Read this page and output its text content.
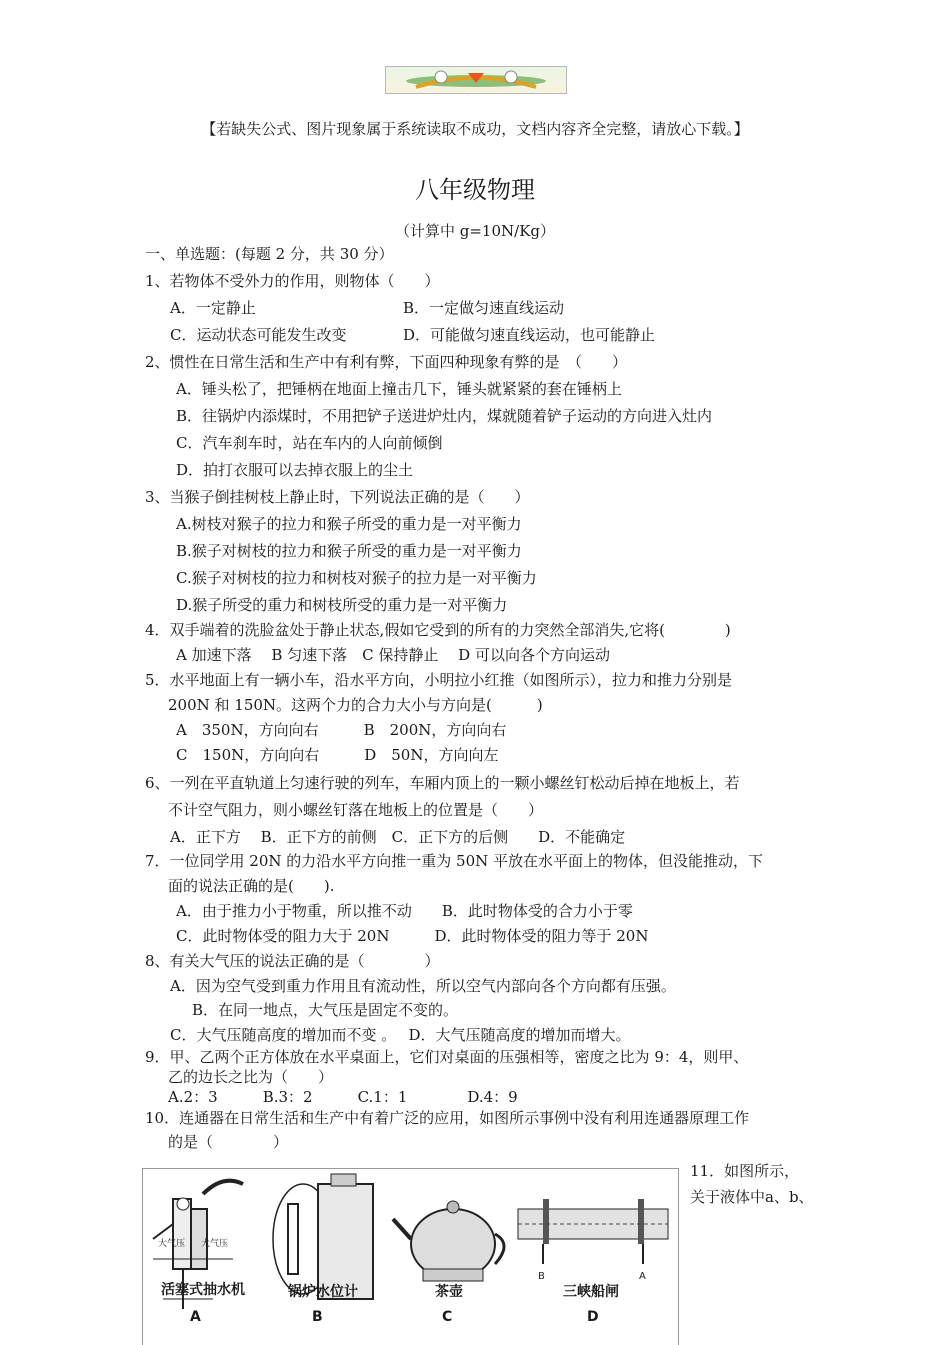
【若缺失公式、图片现象属于系统读取不成功，文档内容齐全完整，请放心下载。】
八年级物理
（计算中 g=10N/Kg）
一、单选题：(每题 2 分，共 30 分）
1、若物体不受外力的作用，则物体（　　）
A．一定静止	B．一定做匀速直线运动
C．运动状态可能发生改变	D．可能做匀速直线运动，也可能静止
2、惯性在日常生活和生产中有利有弊，下面四种现象有弊的是　（　　）
A．锤头松了，把锤柄在地面上撞击几下，锤头就紧紧的套在锤柄上
B．往锅炉内添煤时，不用把铲子送进炉灶内，煤就随着铲子运动的方向进入灶内
C．汽车刹车时，站在车内的人向前倾倒
D．拍打衣服可以去掉衣服上的尘土
3、当猴子倒挂树枝上静止时，下列说法正确的是（　　）
A.树枝对猴子的拉力和猴子所受的重力是一对平衡力
B.猴子对树枝的拉力和猴子所受的重力是一对平衡力
C.猴子对树枝的拉力和树枝对猴子的拉力是一对平衡力
D.猴子所受的重力和树枝所受的重力是一对平衡力
4．双手端着的洗脸盆处于静止状态,假如它受到的所有的力突然全部消失,它将(　　　　)
A 加速下落　 B 匀速下落　C 保持静止　 D 可以向各个方向运动
5．水平地面上有一辆小车，沿水平方向，小明拉小红推（如图所示），拉力和推力分别是
200N 和 150N。这两个力的合力大小与方向是(　　　)
A　350N，方向向右　　　B　200N，方向向右
C　150N，方向向右　　　D　50N，方向向左
6、一列在平直轨道上匀速行驶的列车，车厢内顶上的一颗小螺丝钉松动后掉在地板上，若
不计空气阻力，则小螺丝钉落在地板上的位置是（　　）
A．正下方　 B．正下方的前侧　C．正下方的后侧　　D．不能确定
7．一位同学用 20N 的力沿水平方向推一重为 50N 平放在水平面上的物体，但没能推动，下
面的说法正确的是(　　).
A．由于推力小于物重，所以推不动　　B．此时物体受的合力小于零
C．此时物体受的阻力大于 20N　　　D．此时物体受的阻力等于 20N
8、有关大气压的说法正确的是（　　　　）
A．因为空气受到重力作用且有流动性，所以空气内部向各个方向都有压强。
B．在同一地点，大气压是固定不变的。
C．大气压随高度的增加而不变 。　 D．大气压随高度的增加而增大。
9．甲、乙两个正方体放在水平桌面上，它们对桌面的压强相等，密度之比为 9：4，则甲、
乙的边长之比为（　　）
A.2：3　　　B.3：2　　　C.1：1　　　　D.4：9
10．连通器在日常生活和生产中有着广泛的应用，如图所示事例中没有利用连通器原理工作
的是（　　　　）
11．如图所示，
关于液体中a、b、
大气压 大气压
B	A
活塞式抽水机	锅炉水位计	茶壶	三峡船闸
A	B	C	D
